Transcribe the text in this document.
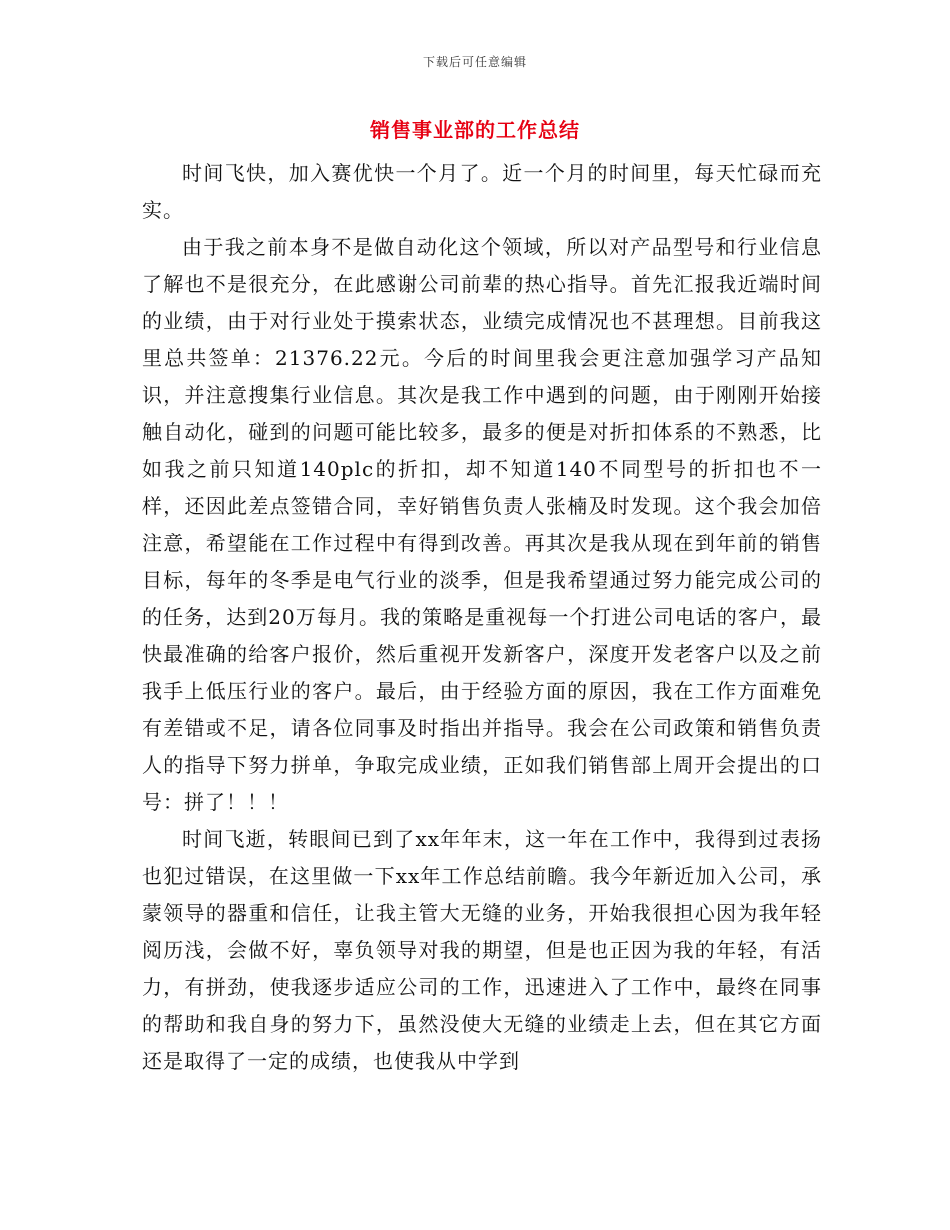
下载后可任意编辑
销售事业部的工作总结

时间飞快，加入赛优快一个月了。近一个月的时间里，每天忙碌而充实。

由于我之前本身不是做自动化这个领域，所以对产品型号和行业信息了解也不是很充分，在此感谢公司前辈的热心指导。首先汇报我近端时间的业绩，由于对行业处于摸索状态，业绩完成情况也不甚理想。目前我这里总共签单：21376.22元。今后的时间里我会更注意加强学习产品知识，并注意搜集行业信息。其次是我工作中遇到的问题，由于刚刚开始接触自动化，碰到的问题可能比较多，最多的便是对折扣体系的不熟悉，比如我之前只知道140plc的折扣，却不知道140不同型号的折扣也不一样，还因此差点签错合同，幸好销售负责人张楠及时发现。这个我会加倍注意，希望能在工作过程中有得到改善。再其次是我从现在到年前的销售目标，每年的冬季是电气行业的淡季，但是我希望通过努力能完成公司的的任务，达到20万每月。我的策略是重视每一个打进公司电话的客户，最快最准确的给客户报价，然后重视开发新客户，深度开发老客户以及之前我手上低压行业的客户。最后，由于经验方面的原因，我在工作方面难免有差错或不足，请各位同事及时指出并指导。我会在公司政策和销售负责人的指导下努力拼单，争取完成业绩，正如我们销售部上周开会提出的口号：拼了！！！

时间飞逝，转眼间已到了xx年年末，这一年在工作中，我得到过表扬也犯过错误，在这里做一下xx年工作总结前瞻。我今年新近加入公司，承蒙领导的器重和信任，让我主管大无缝的业务，开始我很担心因为我年轻阅历浅，会做不好，辜负领导对我的期望，但是也正因为我的年轻，有活力，有拼劲，使我逐步适应公司的工作，迅速进入了工作中，最终在同事的帮助和我自身的努力下，虽然没使大无缝的业绩走上去，但在其它方面还是取得了一定的成绩，也使我从中学到
